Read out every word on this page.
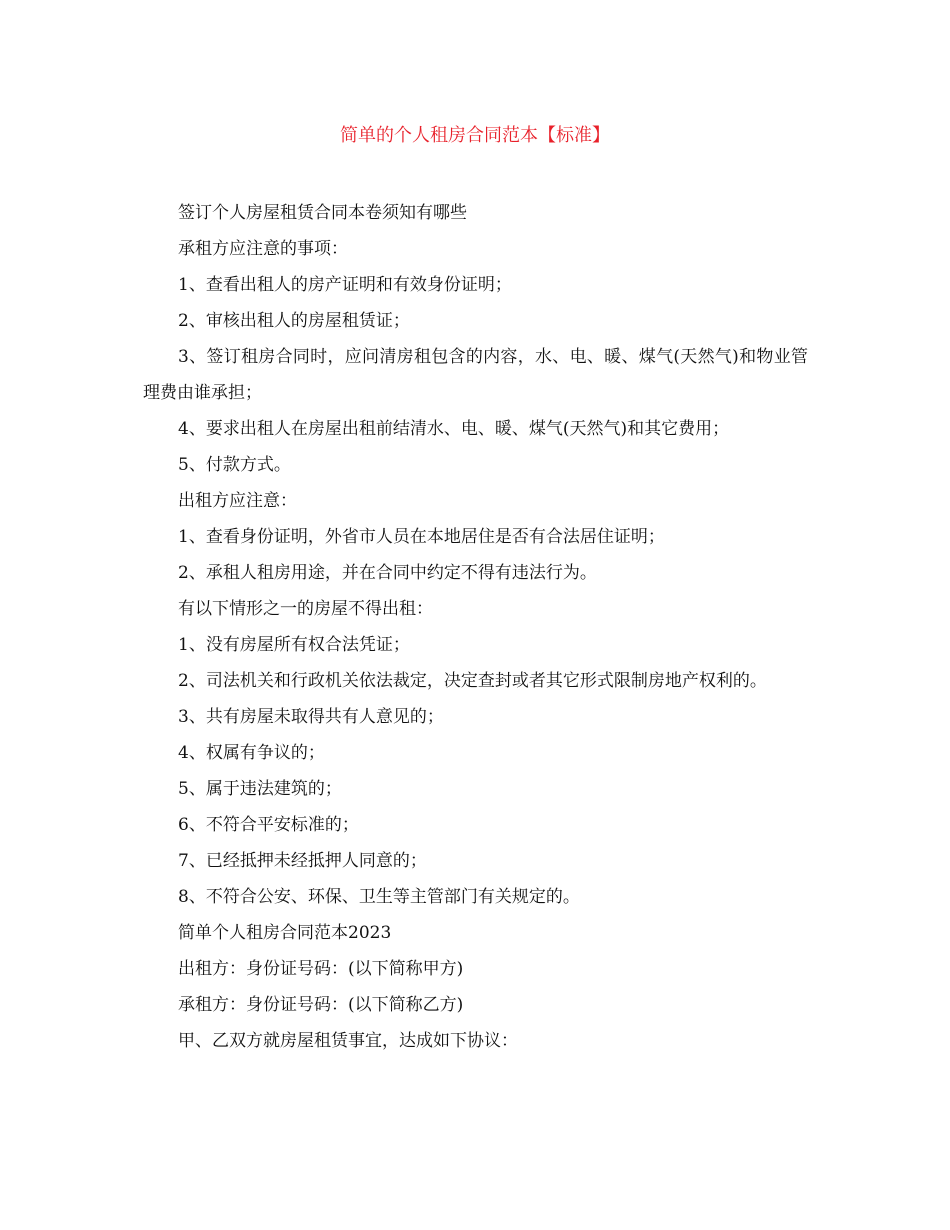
简单的个人租房合同范本【标准】

签订个人房屋租赁合同本卷须知有哪些

承租方应注意的事项：

1、查看出租人的房产证明和有效身份证明；

2、审核出租人的房屋租赁证；

3、签订租房合同时，应问清房租包含的内容，水、电、暖、煤气(天然气)和物业管理费由谁承担；

4、要求出租人在房屋出租前结清水、电、暖、煤气(天然气)和其它费用；

5、付款方式。

出租方应注意：

1、查看身份证明，外省市人员在本地居住是否有合法居住证明；

2、承租人租房用途，并在合同中约定不得有违法行为。

有以下情形之一的房屋不得出租：

1、没有房屋所有权合法凭证；

2、司法机关和行政机关依法裁定，决定查封或者其它形式限制房地产权利的。

3、共有房屋未取得共有人意见的；

4、权属有争议的；

5、属于违法建筑的；

6、不符合平安标准的；

7、已经抵押未经抵押人同意的；

8、不符合公安、环保、卫生等主管部门有关规定的。

简单个人租房合同范本2023

出租方：身份证号码：(以下简称甲方)

承租方：身份证号码：(以下简称乙方)

甲、乙双方就房屋租赁事宜，达成如下协议：
